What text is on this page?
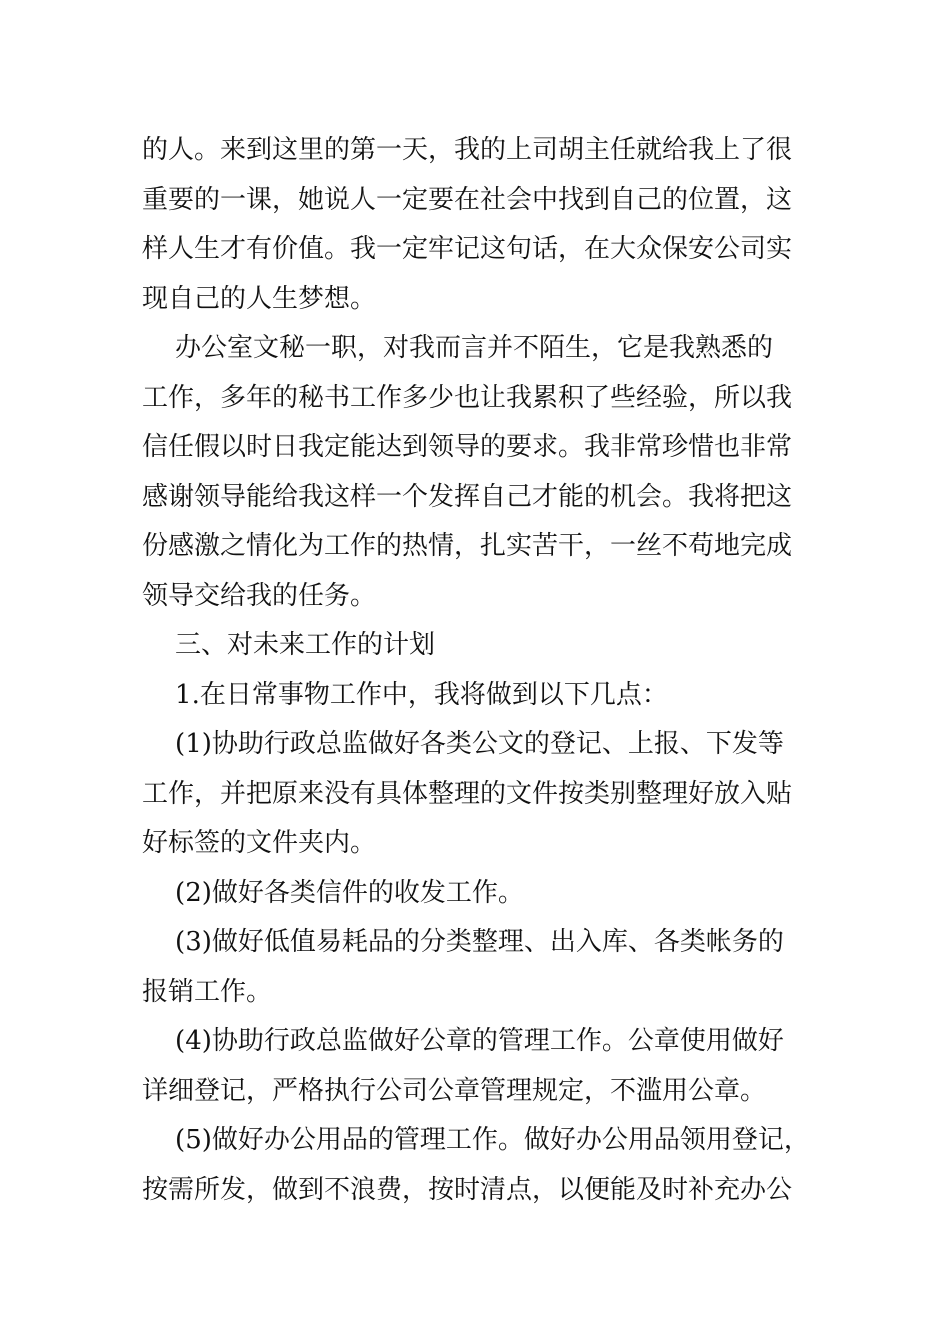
的人。来到这里的第一天，我的上司胡主任就给我上了很
重要的一课，她说人一定要在社会中找到自己的位置，这
样人生才有价值。我一定牢记这句话，在大众保安公司实
现自己的人生梦想。
办公室文秘一职，对我而言并不陌生，它是我熟悉的
工作，多年的秘书工作多少也让我累积了些经验，所以我
信任假以时日我定能达到领导的要求。我非常珍惜也非常
感谢领导能给我这样一个发挥自己才能的机会。我将把这
份感激之情化为工作的热情，扎实苦干，一丝不苟地完成
领导交给我的任务。
三、对未来工作的计划
1.在日常事物工作中，我将做到以下几点：
(1)协助行政总监做好各类公文的登记、上报、下发等
工作，并把原来没有具体整理的文件按类别整理好放入贴
好标签的文件夹内。
(2)做好各类信件的收发工作。
(3)做好低值易耗品的分类整理、出入库、各类帐务的
报销工作。
(4)协助行政总监做好公章的管理工作。公章使用做好
详细登记，严格执行公司公章管理规定，不滥用公章。
(5)做好办公用品的管理工作。做好办公用品领用登记，
按需所发，做到不浪费，按时清点，以便能及时补充办公
